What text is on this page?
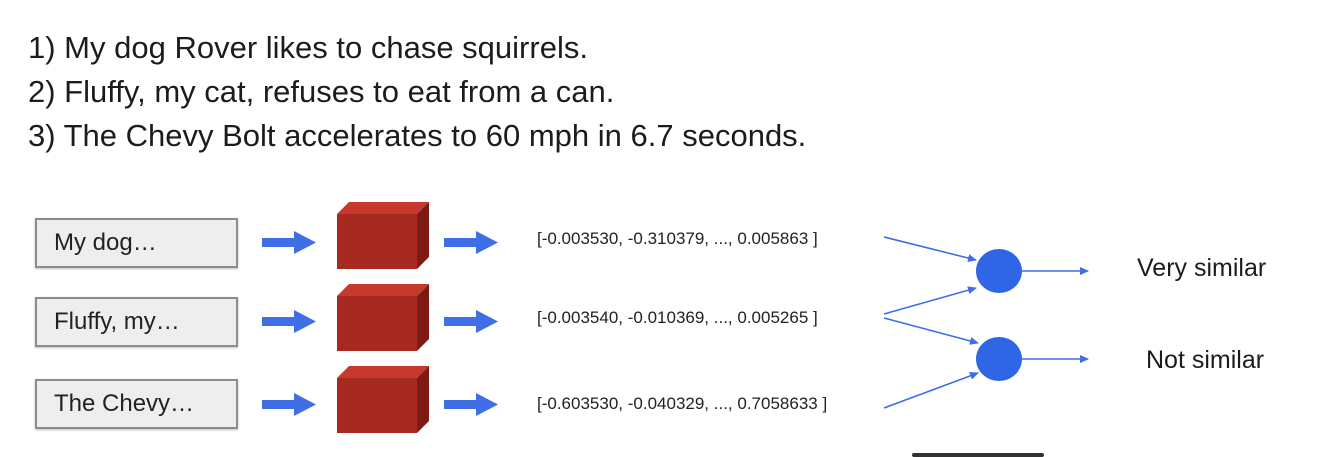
1) My dog Rover likes to chase squirrels.
2) Fluffy, my cat, refuses to eat from a can.
3) The Chevy Bolt accelerates to 60 mph in 6.7 seconds.
My dog…
Fluffy, my…
The Chevy…
[-0.003530, -0.310379, ..., 0.005863 ]
[-0.003540, -0.010369, ..., 0.005265 ]
[-0.603530, -0.040329, ..., 0.7058633 ]
Very similar
Not similar
